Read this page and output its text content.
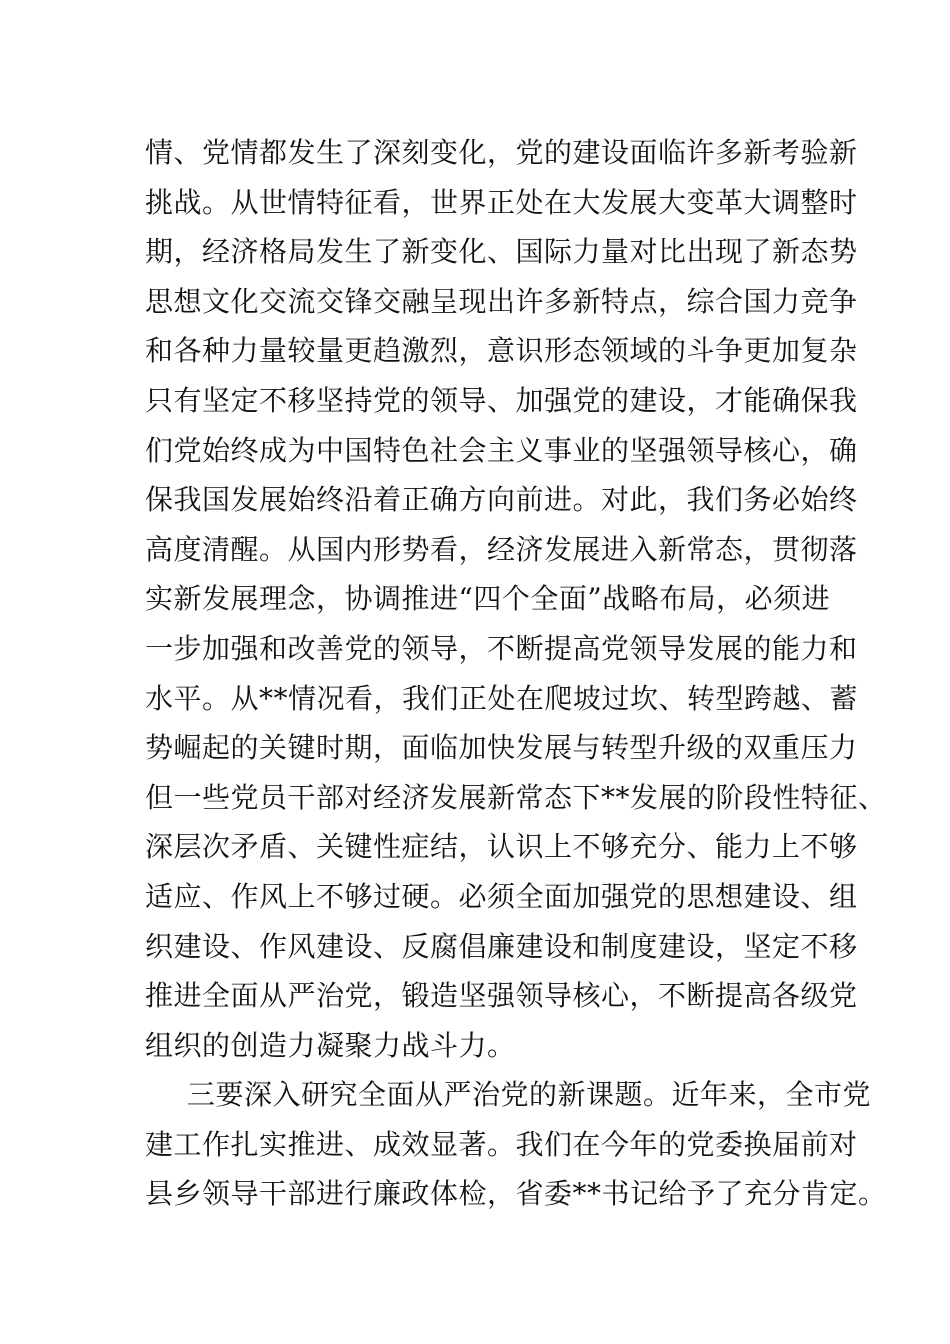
情、党情都发生了深刻变化，党的建设面临许多新考验新
挑战。从世情特征看，世界正处在大发展大变革大调整时
期，经济格局发生了新变化、国际力量对比出现了新态势
思想文化交流交锋交融呈现出许多新特点，综合国力竞争
和各种力量较量更趋激烈，意识形态领域的斗争更加复杂
只有坚定不移坚持党的领导、加强党的建设，才能确保我
们党始终成为中国特色社会主义事业的坚强领导核心，确
保我国发展始终沿着正确方向前进。对此，我们务必始终
高度清醒。从国内形势看，经济发展进入新常态，贯彻落
实新发展理念，协调推进“四个全面”战略布局，必须进
一步加强和改善党的领导，不断提高党领导发展的能力和
水平。从**情况看，我们正处在爬坡过坎、转型跨越、蓄
势崛起的关键时期，面临加快发展与转型升级的双重压力
但一些党员干部对经济发展新常态下**发展的阶段性特征、
深层次矛盾、关键性症结，认识上不够充分、能力上不够
适应、作风上不够过硬。必须全面加强党的思想建设、组
织建设、作风建设、反腐倡廉建设和制度建设，坚定不移
推进全面从严治党，锻造坚强领导核心，不断提高各级党
组织的创造力凝聚力战斗力。
三要深入研究全面从严治党的新课题。近年来，全市党
建工作扎实推进、成效显著。我们在今年的党委换届前对
县乡领导干部进行廉政体检，省委**书记给予了充分肯定。
